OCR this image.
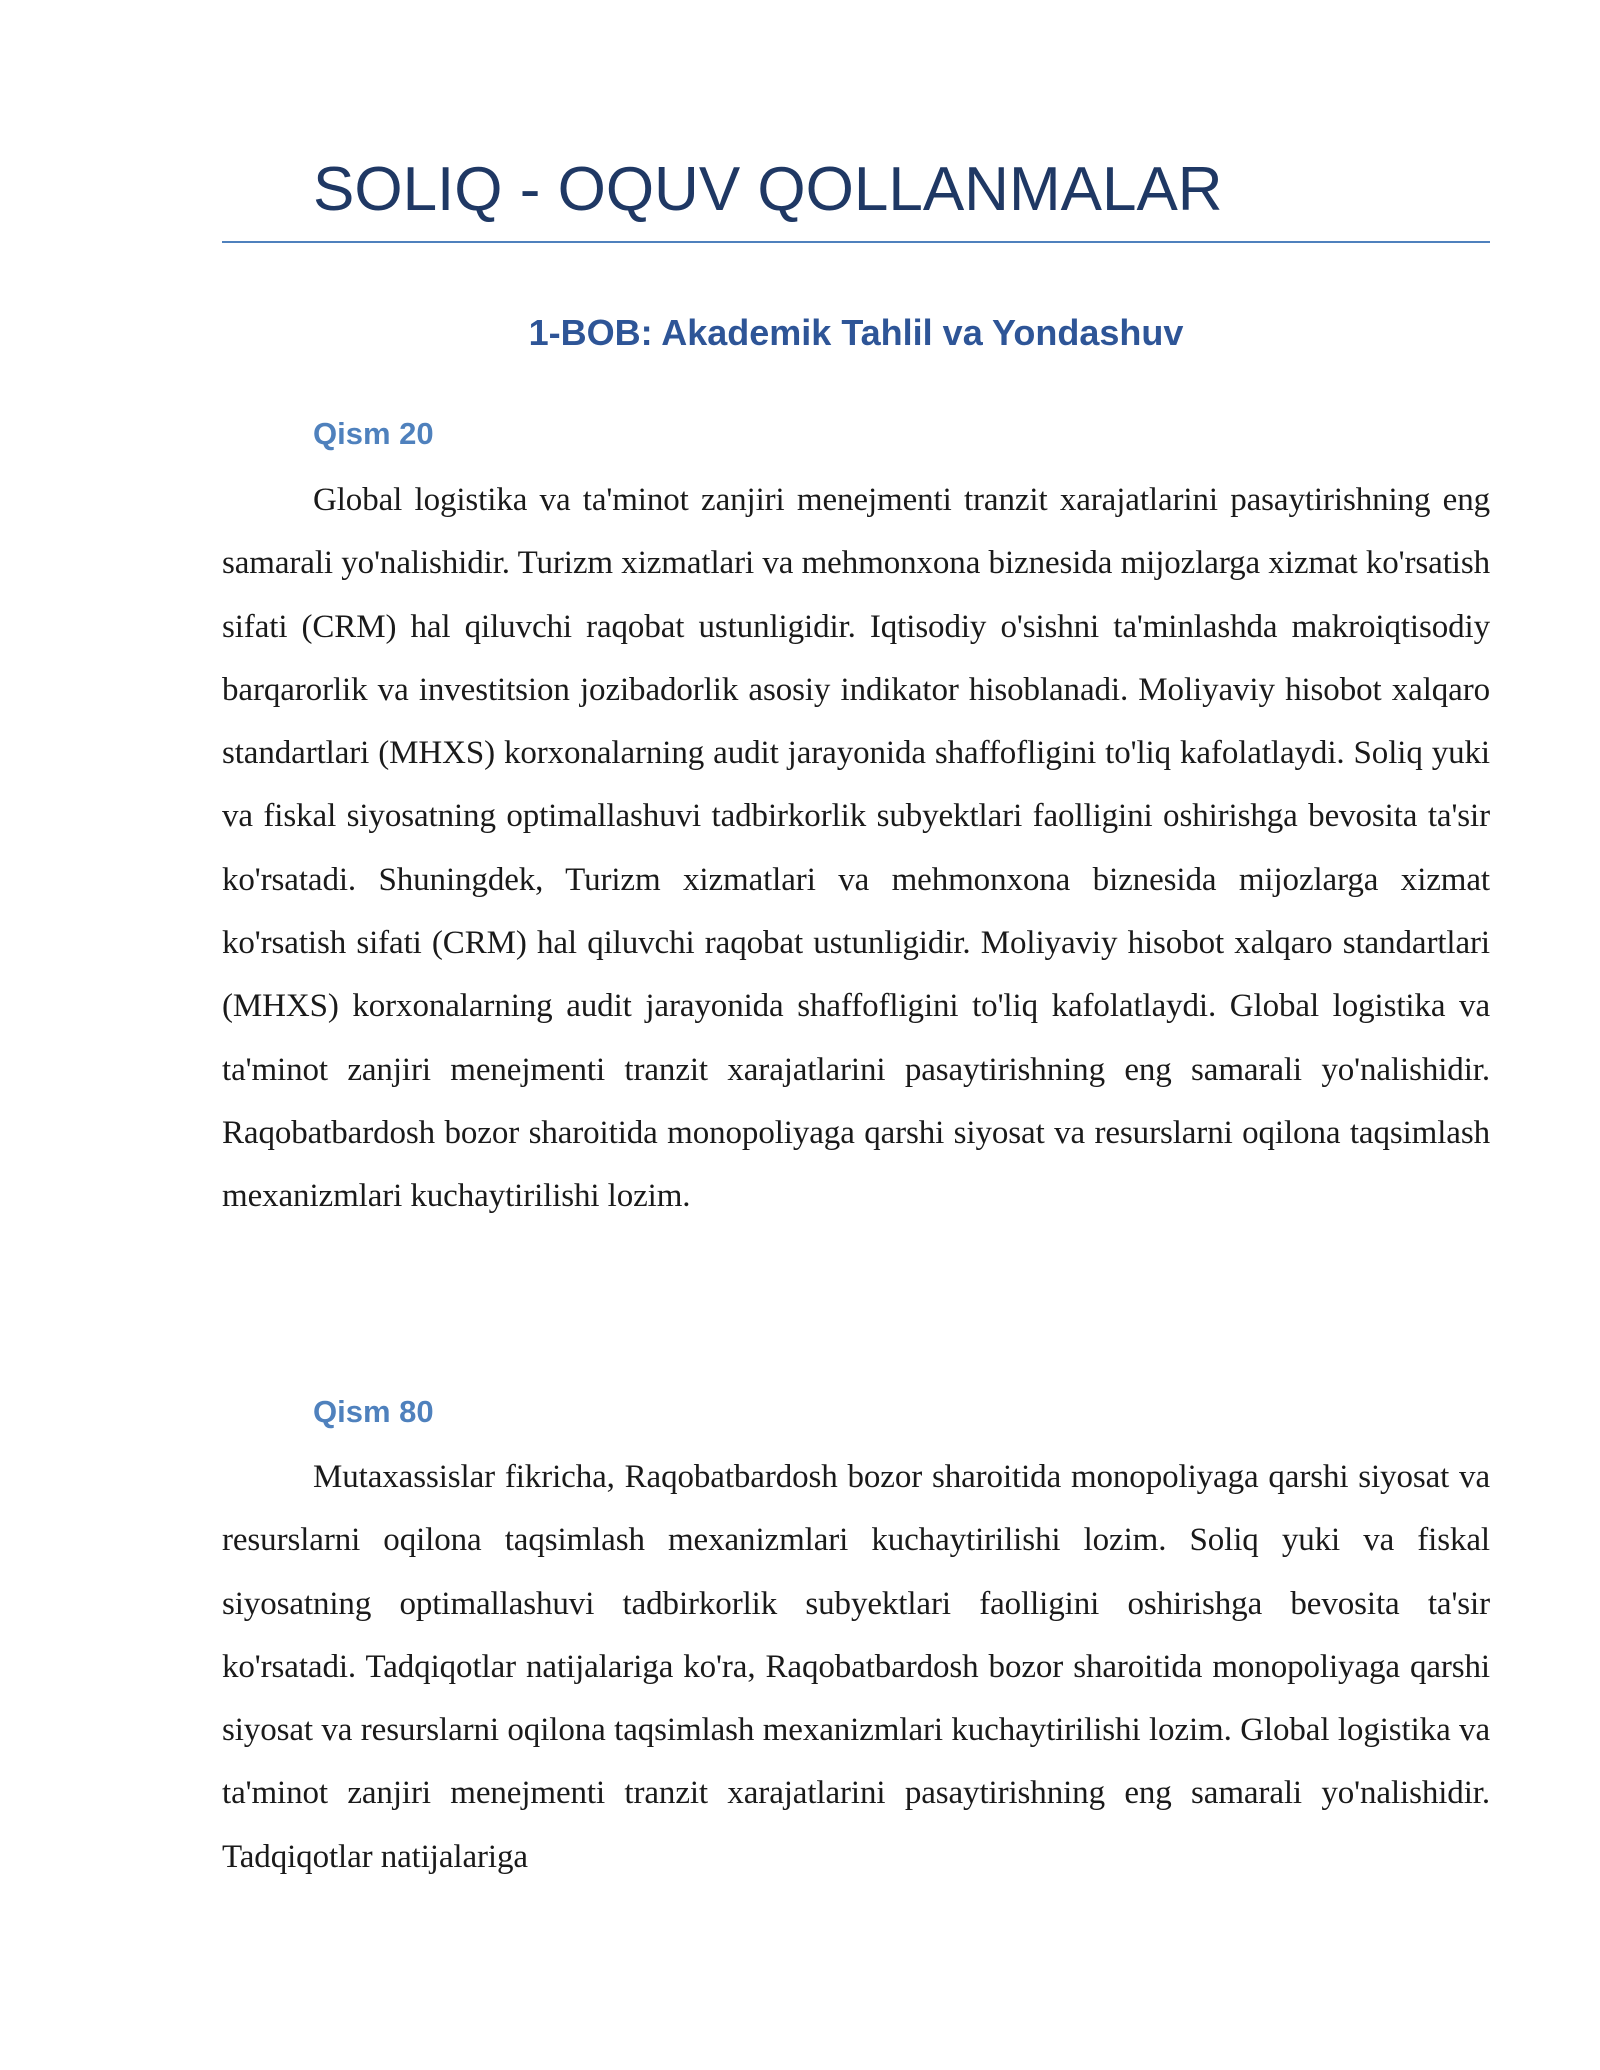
SOLIQ - OQUV QOLLANMALAR
1-BOB: Akademik Tahlil va Yondashuv
Qism 20

Global logistika va ta'minot zanjiri menejmenti tranzit xarajatlarini pasaytirishning eng samarali yo'nalishidir. Turizm xizmatlari va mehmonxona biznesida mijozlarga xizmat ko'rsatish sifati (CRM) hal qiluvchi raqobat ustunligidir. Iqtisodiy o'sishni ta'minlashda makroiqtisodiy barqarorlik va investitsion jozibadorlik asosiy indikator hisoblanadi. Moliyaviy hisobot xalqaro standartlari (MHXS) korxonalarning audit jarayonida shaffofligini to'liq kafolatlaydi. Soliq yuki va fiskal siyosatning optimallashuvi tadbirkorlik subyektlari faolligini oshirishga bevosita ta'sir ko'rsatadi. Shuningdek, Turizm xizmatlari va mehmonxona biznesida mijozlarga xizmat ko'rsatish sifati (CRM) hal qiluvchi raqobat ustunligidir. Moliyaviy hisobot xalqaro standartlari (MHXS) korxonalarning audit jarayonida shaffofligini to'liq kafolatlaydi. Global logistika va ta'minot zanjiri menejmenti tranzit xarajatlarini pasaytirishning eng samarali yo'nalishidir. Raqobatbardosh bozor sharoitida monopoliyaga qarshi siyosat va resurslarni oqilona taqsimlash mexanizmlari kuchaytirilishi lozim.

Qism 80

Mutaxassislar fikricha, Raqobatbardosh bozor sharoitida monopoliyaga qarshi siyosat va resurslarni oqilona taqsimlash mexanizmlari kuchaytirilishi lozim. Soliq yuki va fiskal siyosatning optimallashuvi tadbirkorlik subyektlari faolligini oshirishga bevosita ta'sir ko'rsatadi. Tadqiqotlar natijalariga ko'ra, Raqobatbardosh bozor sharoitida monopoliyaga qarshi siyosat va resurslarni oqilona taqsimlash mexanizmlari kuchaytirilishi lozim. Global logistika va ta'minot zanjiri menejmenti tranzit xarajatlarini pasaytirishning eng samarali yo'nalishidir. Tadqiqotlar natijalariga
